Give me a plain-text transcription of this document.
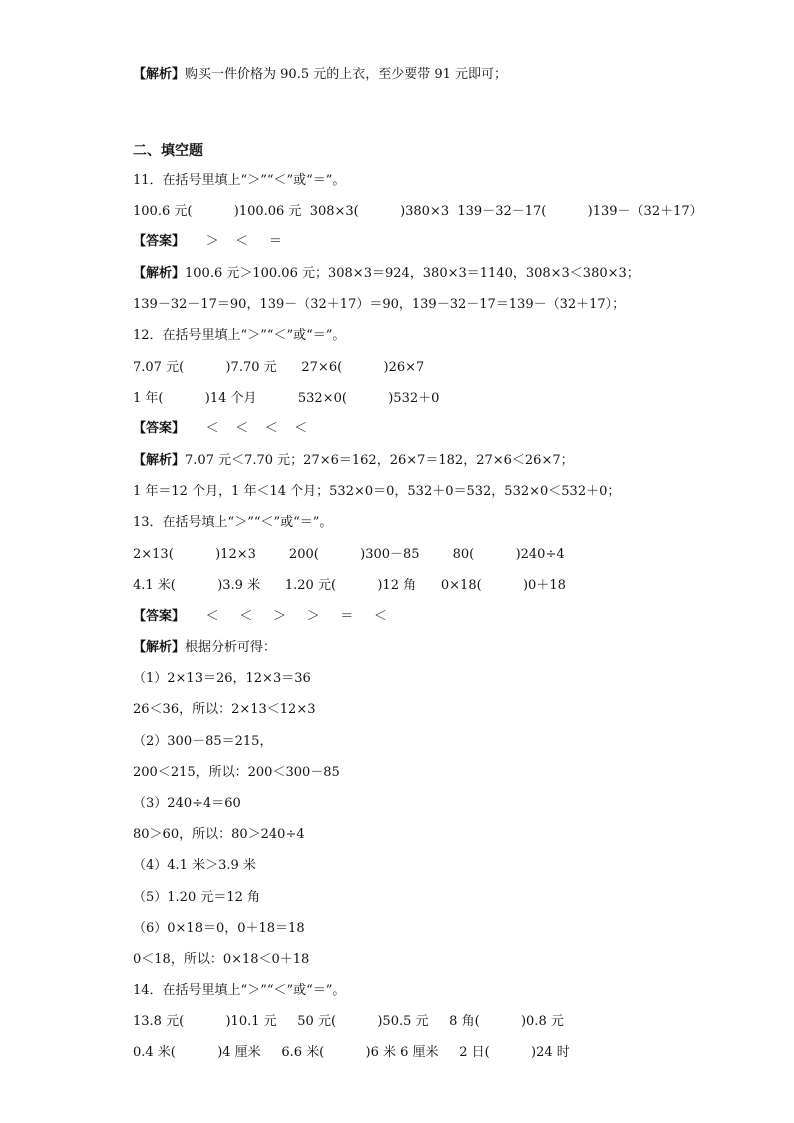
【解析】购买一件价格为 90.5 元的上衣，至少要带 91 元即可；
二、填空题
11．在括号里填上“＞”“＜”或“＝”。
100.6 元(          )100.06 元  308×3(          )380×3  139－32－17(          )139－（32＋17）
【答案】     ＞    ＜     ＝
【解析】100.6 元＞100.06 元；308×3＝924，380×3＝1140，308×3＜380×3；
139－32－17＝90，139－（32＋17）＝90，139－32－17＝139－（32＋17）；
12．在括号里填上“＞”“＜”或“＝”。
7.07 元(          )7.70 元      27×6(          )26×7
1 年(          )14 个月          532×0(          )532＋0
【答案】     ＜    ＜    ＜    ＜
【解析】7.07 元＜7.70 元；27×6＝162，26×7＝182，27×6＜26×7；
1 年＝12 个月，1 年＜14 个月；532×0＝0，532＋0＝532，532×0＜532＋0；
13．在括号填上“＞”“＜”或“＝”。
2×13(          )12×3        200(          )300－85        80(          )240÷4
4.1 米(          )3.9 米      1.20 元(          )12 角      0×18(          )0＋18
【答案】     ＜     ＜     ＞     ＞     ＝     ＜
【解析】根据分析可得：
（1）2×13＝26，12×3＝36
26＜36，所以：2×13＜12×3
（2）300－85＝215，
200＜215，所以：200＜300－85
（3）240÷4＝60
80＞60，所以：80＞240÷4
（4）4.1 米＞3.9 米
（5）1.20 元＝12 角
（6）0×18＝0，0＋18＝18
0＜18，所以：0×18＜0＋18
14．在括号里填上“＞”“＜”或“＝”。
13.8 元(          )10.1 元     50 元(          )50.5 元     8 角(          )0.8 元
0.4 米(          )4 厘米     6.6 米(          )6 米 6 厘米     2 日(          )24 时
